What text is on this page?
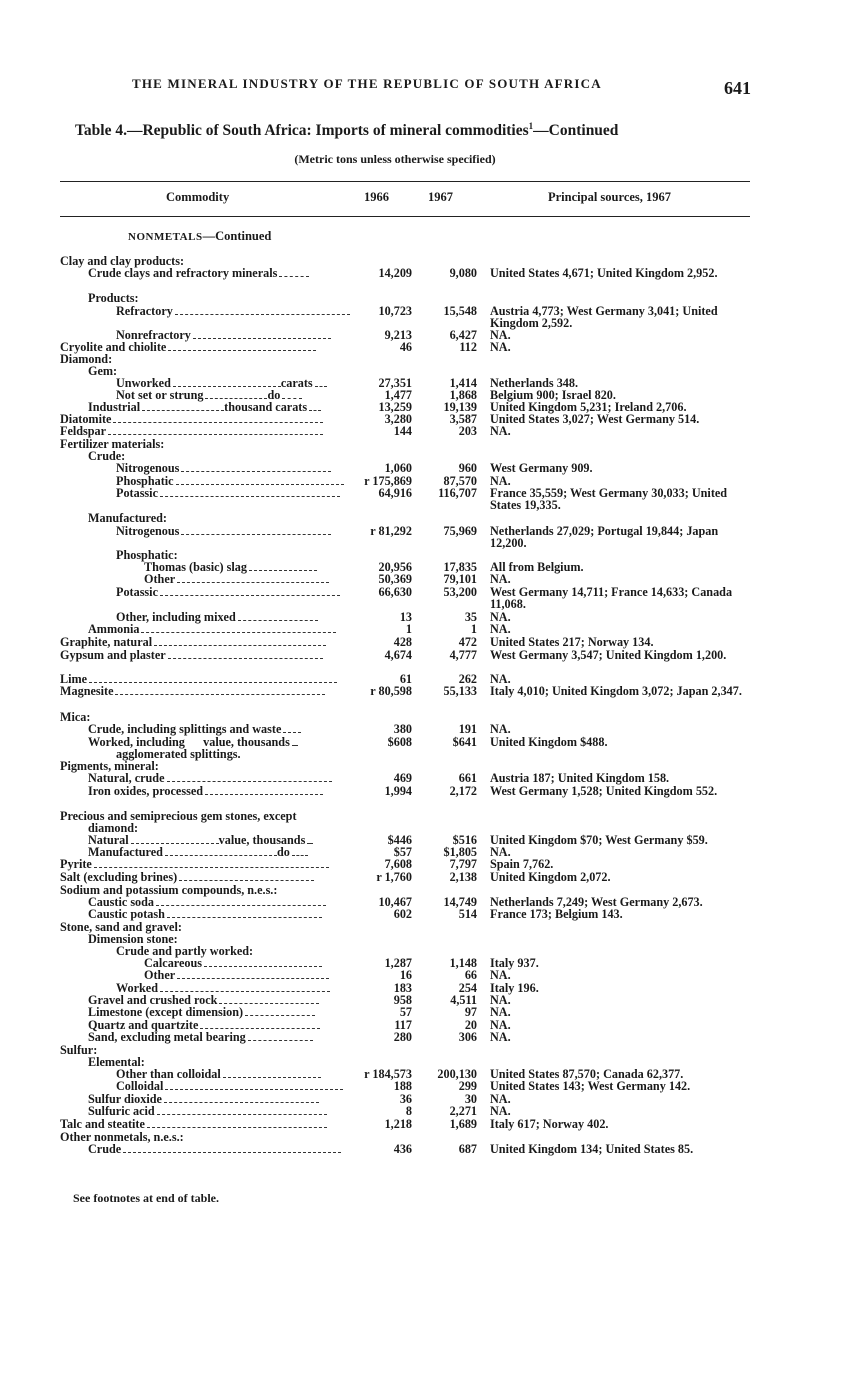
THE MINERAL INDUSTRY OF THE REPUBLIC OF SOUTH AFRICA	641
Table 4.—Republic of South Africa: Imports of mineral commodities$^1$—Continued
(Metric tons unless otherwise specified)
Commodity	1966	1967	Principal sources, 1967
NONMETALS—Continued
Clay and clay products:
Crude clays and refractory minerals	14,209	9,080 United States 4,671; United Kingdom 2,952.
Products:
Refractory	10,723	15,548 Austria 4,773; West Germany 3,041; United Kingdom 2,592.
Nonrefractory	9,213	6,427 NA.
Cryolite and chiolite	46	112 NA.
Diamond:
Gem:
Unworked	carats	27,351	1,414 Netherlands 348.
Not set or strung	do	1,477	1,868 Belgium 900; Israel 820.
Industrial	thousand carats	13,259	19,139 United Kingdom 5,231; Ireland 2,706.
Diatomite	3,280	3,587 United States 3,027; West Germany 514.
Feldspar	144	203 NA.
Fertilizer materials:
Crude:
Nitrogenous	1,060	960 West Germany 909.
Phosphatic	r 175,869	87,570 NA.
Potassic	64,916	116,707 France 35,559; West Germany 30,033; United States 19,335.
Manufactured:
Nitrogenous	r 81,292	75,969 Netherlands 27,029; Portugal 19,844; Japan 12,200.
Phosphatic:
Thomas (basic) slag	20,956	17,835 All from Belgium.
Other	50,369	79,101 NA.
Potassic	66,630	53,200 West Germany 14,711; France 14,633; Canada 11,068.
Other, including mixed	13	35 NA.
Ammonia	1	1 NA.
Graphite, natural	428	472 United States 217; Norway 134.
Gypsum and plaster	4,674	4,777 West Germany 3,547; United Kingdom 1,200.
Lime	61	262 NA.
Magnesite	r 80,598	55,133 Italy 4,010; United Kingdom 3,072; Japan 2,347.
Mica:
Crude, including splittings and waste	380	191 NA.
Worked, including      value, thousands	$608	$641 United Kingdom $488.
agglomerated splittings.
Pigments, mineral:
Natural, crude	469	661 Austria 187; United Kingdom 158.
Iron oxides, processed	1,994	2,172 West Germany 1,528; United Kingdom 552.
Precious and semiprecious gem stones, except
diamond:
Natural	value, thousands	$446	$516 United Kingdom $70; West Germany $59.
Manufactured	do	$57	$1,805 NA.
Pyrite	7,608	7,797 Spain 7,762.
Salt (excluding brines)	r 1,760	2,138 United Kingdom 2,072.
Sodium and potassium compounds, n.e.s.:
Caustic soda	10,467	14,749 Netherlands 7,249; West Germany 2,673.
Caustic potash	602	514 France 173; Belgium 143.
Stone, sand and gravel:
Dimension stone:
Crude and partly worked:
Calcareous	1,287	1,148 Italy 937.
Other	16	66 NA.
Worked	183	254 Italy 196.
Gravel and crushed rock	958	4,511 NA.
Limestone (except dimension)	57	97 NA.
Quartz and quartzite	117	20 NA.
Sand, excluding metal bearing	280	306 NA.
Sulfur:
Elemental:
Other than colloidal	r 184,573	200,130 United States 87,570; Canada 62,377.
Colloidal	188	299 United States 143; West Germany 142.
Sulfur dioxide	36	30 NA.
Sulfuric acid	8	2,271 NA.
Talc and steatite	1,218	1,689 Italy 617; Norway 402.
Other nonmetals, n.e.s.:
Crude	436	687 United Kingdom 134; United States 85.
See footnotes at end of table.
